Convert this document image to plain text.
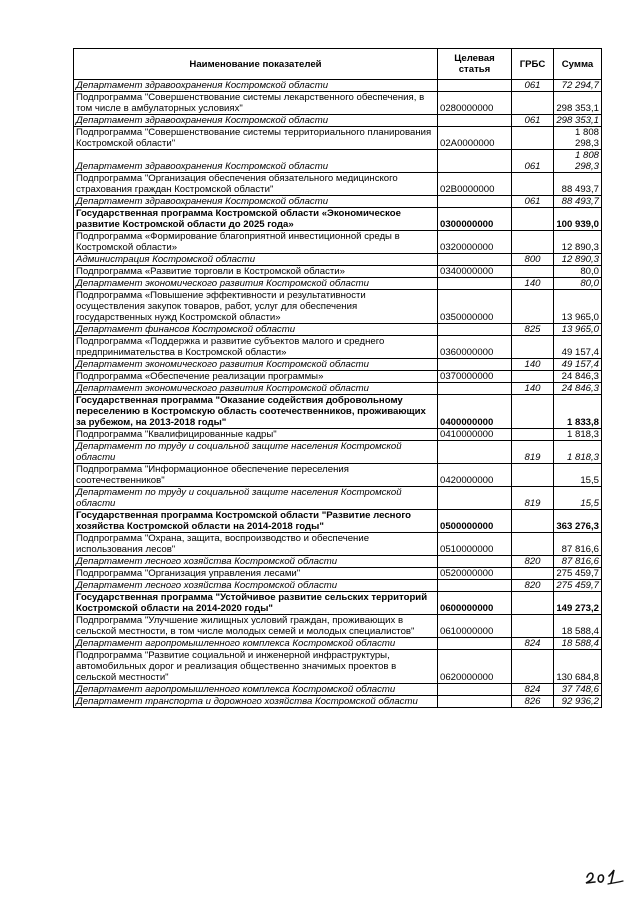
Наименование показателей	Целевая статья	ГРБС	Сумма
Департамент здравоохранения Костромской области		061	72 294,7
Подпрограмма "Совершенствование системы лекарственного обеспечения, в том числе в амбулаторных условиях"	0280000000		298 353,1
Департамент здравоохранения Костромской области		061	298 353,1
Подпрограмма "Совершенствование системы территориального планирования Костромской области"	02А0000000		1 808 298,3
Департамент здравоохранения Костромской области		061	1 808 298,3
Подпрограмма "Организация обеспечения обязательного медицинского страхования граждан Костромской области"	02В0000000		88 493,7
Департамент здравоохранения Костромской области		061	88 493,7
Государственная программа Костромской области «Экономическое развитие Костромской области до 2025 года»	0300000000		100 939,0
Подпрограмма «Формирование благоприятной инвестиционной среды в Костромской области»	0320000000		12 890,3
Администрация Костромской области		800	12 890,3
Подпрограмма «Развитие торговли в Костромской области»	0340000000		80,0
Департамент экономического развития Костромской области		140	80,0
Подпрограмма «Повышение эффективности и результативности осуществления закупок товаров, работ, услуг для обеспечения государственных нужд Костромской области»	0350000000		13 965,0
Департамент финансов Костромской области		825	13 965,0
Подпрограмма «Поддержка и развитие субъектов малого и среднего предпринимательства в Костромской области»	0360000000		49 157,4
Департамент экономического развития Костромской области		140	49 157,4
Подпрограмма «Обеспечение реализации программы»	0370000000		24 846,3
Департамент экономического развития Костромской области		140	24 846,3
Государственная программа "Оказание содействия добровольному переселению в Костромскую область соотечественников, проживающих за рубежом, на 2013-2018 годы"	0400000000		1 833,8
Подпрограмма "Квалифицированные кадры"	0410000000		1 818,3
Департамент по труду и социальной защите населения Костромской области		819	1 818,3
Подпрограмма "Информационное обеспечение переселения соотечественников"	0420000000		15,5
Департамент по труду и социальной защите населения Костромской области		819	15,5
Государственная программа Костромской области "Развитие лесного хозяйства Костромской области на 2014-2018 годы"	0500000000		363 276,3
Подпрограмма "Охрана, защита, воспроизводство и обеспечение использования лесов"	0510000000		87 816,6
Департамент лесного хозяйства Костромской области		820	87 816,6
Подпрограмма "Организация управления лесами"	0520000000		275 459,7
Департамент лесного хозяйства Костромской области		820	275 459,7
Государственная программа "Устойчивое развитие сельских территорий Костромской области на 2014-2020 годы"	0600000000		149 273,2
Подпрограмма "Улучшение жилищных условий граждан, проживающих в сельской местности, в том числе молодых семей и молодых специалистов"	0610000000		18 588,4
Департамент агропромышленного комплекса Костромской области		824	18 588,4
Подпрограмма "Развитие социальной и инженерной инфраструктуры, автомобильных дорог и реализация общественно значимых проектов в сельской местности"	0620000000		130 684,8
Департамент агропромышленного комплекса Костромской области		824	37 748,6
Департамент транспорта и дорожного хозяйства Костромской области		826	92 936,2
